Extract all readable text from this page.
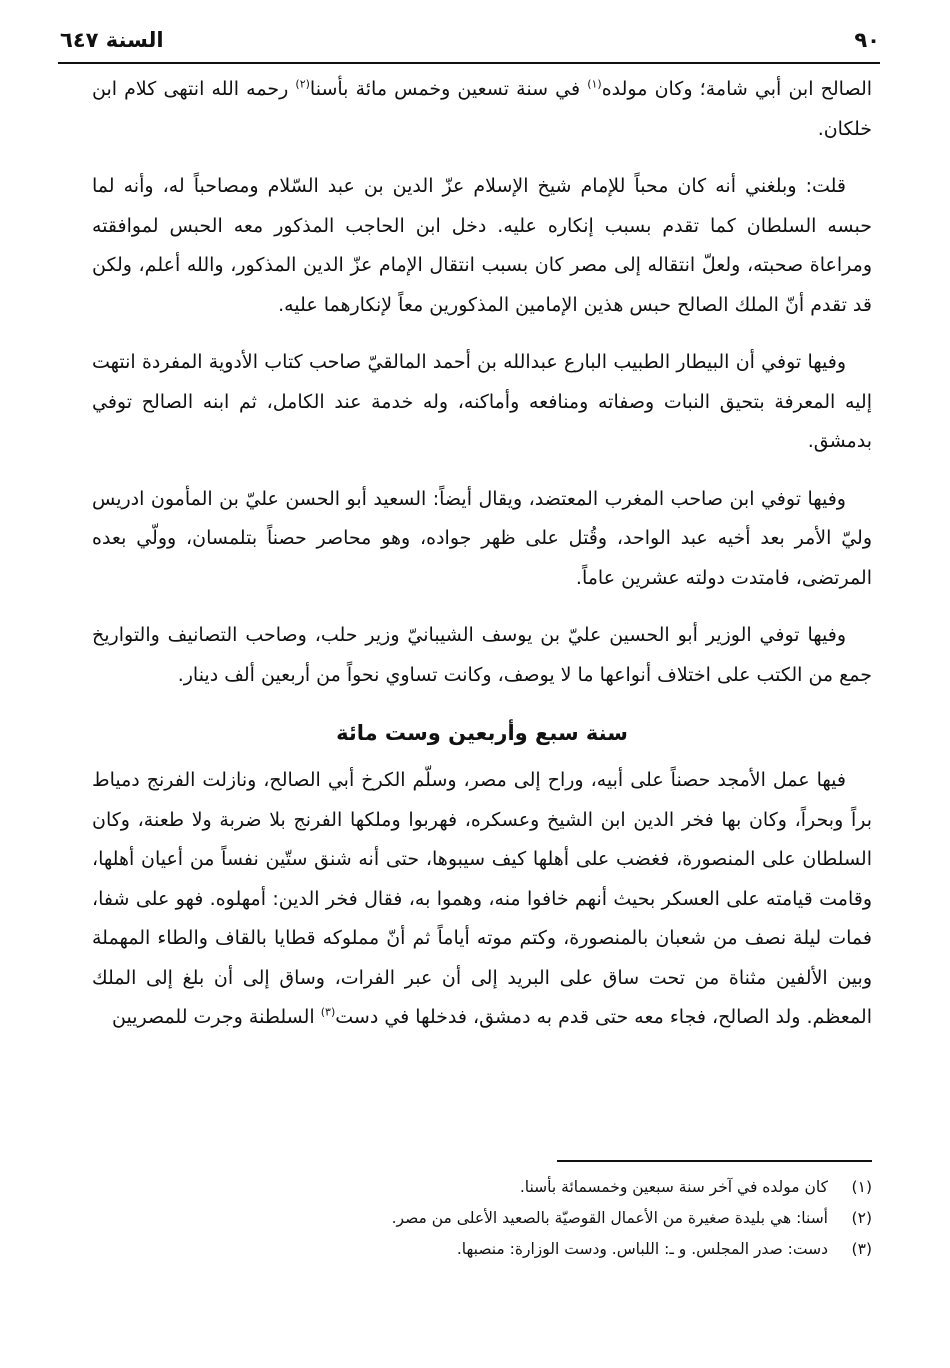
٩٠
السنة ٦٤٧

الصالح ابن أبي شامة؛ وكان مولده$^{(١)}$ في سنة تسعين وخمس مائة بأسنا$^{(٢)}$ رحمه الله انتهى كلام ابن خلكان.

قلت: وبلغني أنه كان محباً للإمام شيخ الإسلام عزّ الدين بن عبد السّلام ومصاحباً له، وأنه لما حبسه السلطان كما تقدم بسبب إنكاره عليه. دخل ابن الحاجب المذكور معه الحبس لموافقته ومراعاة صحبته، ولعلّ انتقاله إلى مصر كان بسبب انتقال الإمام عزّ الدين المذكور، والله أعلم، ولكن قد تقدم أنّ الملك الصالح حبس هذين الإمامين المذكورين معاً لإنكارهما عليه.

وفيها توفي أن البيطار الطبيب البارع عبدالله بن أحمد المالقيّ صاحب كتاب الأدوية المفردة انتهت إليه المعرفة بتحيق النبات وصفاته ومنافعه وأماكنه، وله خدمة عند الكامل، ثم ابنه الصالح توفي بدمشق.

وفيها توفي ابن صاحب المغرب المعتضد، ويقال أيضاً: السعيد أبو الحسن عليّ بن المأمون ادريس وليّ الأمر بعد أخيه عبد الواحد، وقُتل على ظهر جواده، وهو محاصر حصناً بتلمسان، وولّي بعده المرتضى، فامتدت دولته عشرين عاماً.

وفيها توفي الوزير أبو الحسين عليّ بن يوسف الشيبانيّ وزير حلب، وصاحب التصانيف والتواريخ جمع من الكتب على اختلاف أنواعها ما لا يوصف، وكانت تساوي نحواً من أربعين ألف دينار.

سنة سبع وأربعين وست مائة

فيها عمل الأمجد حصناً على أبيه، وراح إلى مصر، وسلّم الكرخ أبي الصالح، ونازلت الفرنج دمياط براً وبحراً، وكان بها فخر الدين ابن الشيخ وعسكره، فهربوا وملكها الفرنج بلا ضربة ولا طعنة، وكان السلطان على المنصورة، فغضب على أهلها كيف سيبوها، حتى أنه شنق ستّين نفساً من أعيان أهلها، وقامت قيامته على العسكر بحيث أنهم خافوا منه، وهموا به، فقال فخر الدين: أمهلوه. فهو على شفا، فمات ليلة نصف من شعبان بالمنصورة، وكتم موته أياماً ثم أنّ مملوكه قطايا بالقاف والطاء المهملة وبين الألفين مثناة من تحت ساق على البريد إلى أن عبر الفرات، وساق إلى أن بلغ إلى الملك المعظم. ولد الصالح، فجاء معه حتى قدم به دمشق، فدخلها في دست$^{(٣)}$ السلطنة وجرت للمصريين

(١)
كان مولده في آخر سنة سبعين وخمسمائة بأسنا.
(٢)
أسنا: هي بليدة صغيرة من الأعمال القوصيّة بالصعيد الأعلى من مصر.
(٣)
دست: صدر المجلس. و ـ: اللباس. ودست الوزارة: منصبها.
